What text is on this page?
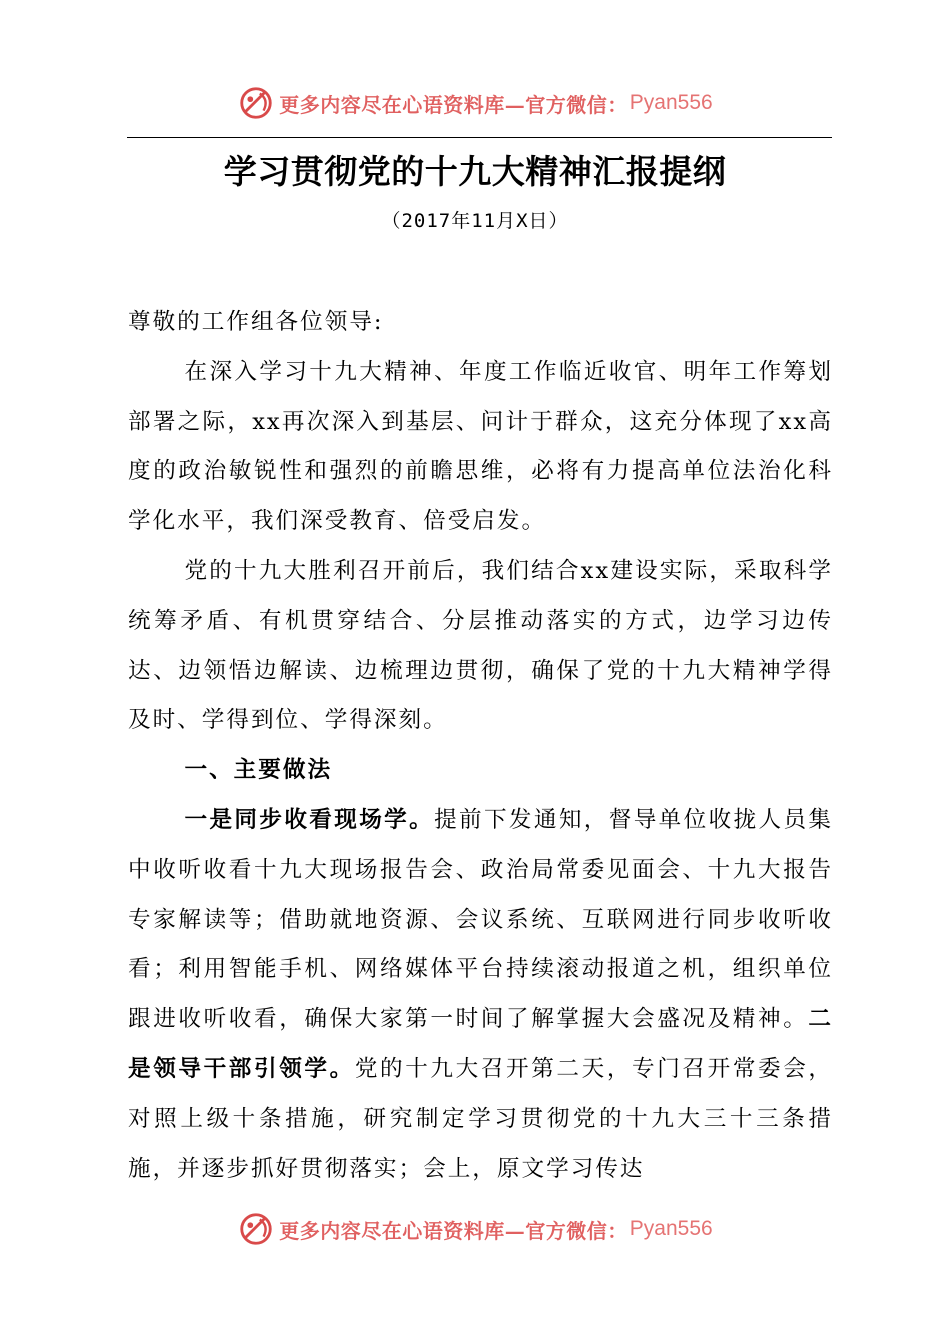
更多内容尽在心语资料库—官方微信： Pyan556
学习贯彻党的十九大精神汇报提纲
（2017年11月X日）

尊敬的工作组各位领导:

在深入学习十九大精神、年度工作临近收官、明年工作筹划部署之际，xx再次深入到基层、问计于群众，这充分体现了xx高度的政治敏锐性和强烈的前瞻思维，必将有力提高单位法治化科学化水平，我们深受教育、倍受启发。

党的十九大胜利召开前后，我们结合xx建设实际，采取科学统筹矛盾、有机贯穿结合、分层推动落实的方式，边学习边传达、边领悟边解读、边梳理边贯彻，确保了党的十九大精神学得及时、学得到位、学得深刻。

一、主要做法

一是同步收看现场学。提前下发通知，督导单位收拢人员集中收听收看十九大现场报告会、政治局常委见面会、十九大报告专家解读等；借助就地资源、会议系统、互联网进行同步收听收看；利用智能手机、网络媒体平台持续滚动报道之机，组织单位跟进收听收看，确保大家第一时间了解掌握大会盛况及精神。二是领导干部引领学。党的十九大召开第二天，专门召开常委会，对照上级十条措施，研究制定学习贯彻党的十九大三十三条措施，并逐步抓好贯彻落实；会上，原文学习传达

更多内容尽在心语资料库—官方微信： Pyan556
